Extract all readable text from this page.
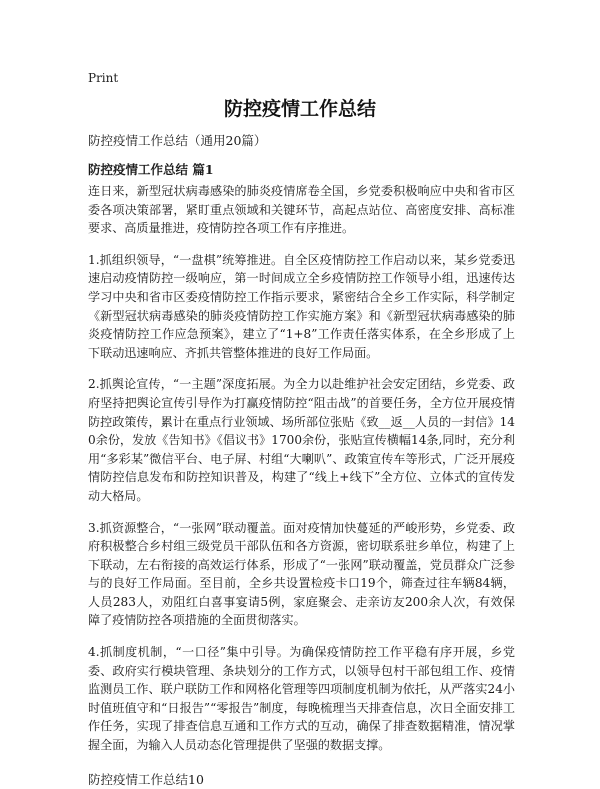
Print
防控疫情工作总结
防控疫情工作总结（通用20篇）
防控疫情工作总结 篇1

连日来，新型冠状病毒感染的肺炎疫情席卷全国，乡党委积极响应中央和省市区委各项决策部署，紧盯重点领域和关键环节，高起点站位、高密度安排、高标准要求、高质量推进，疫情防控各项工作有序推进。

1.抓组织领导，“一盘棋”统筹推进。自全区疫情防控工作启动以来，某乡党委迅速启动疫情防控一级响应，第一时间成立全乡疫情防控工作领导小组，迅速传达学习中央和省市区委疫情防控工作指示要求，紧密结合全乡工作实际，科学制定《新型冠状病毒感染的肺炎疫情防控工作实施方案》和《新型冠状病毒感染的肺炎疫情防控工作应急预案》，建立了“1+8”工作责任落实体系，在全乡形成了上下联动迅速响应、齐抓共管整体推进的良好工作局面。

2.抓舆论宣传，“一主题”深度拓展。为全力以赴维护社会安定团结，乡党委、政府坚持把舆论宣传引导作为打赢疫情防控“阻击战”的首要任务，全方位开展疫情防控政策传，累计在重点行业领域、场所部位张贴《致__返__人员的一封信》140余份，发放《告知书》《倡议书》1700余份，张贴宣传横幅14条,同时，充分利用“多彩某”微信平台、电子屏、村组“大喇叭”、政策宣传车等形式，广泛开展疫情防控信息发布和防控知识普及，构建了“线上+线下”全方位、立体式的宣传发动大格局。

3.抓资源整合，“一张网”联动覆盖。面对疫情加快蔓延的严峻形势，乡党委、政府积极整合乡村组三级党员干部队伍和各方资源，密切联系驻乡单位，构建了上下联动，左右衔接的高效运行体系，形成了“一张网”联动覆盖，党员群众广泛参与的良好工作局面。至目前，全乡共设置检疫卡口19个，筛查过往车辆84辆，人员283人，劝阻红白喜事宴请5例，家庭聚会、走亲访友200余人次，有效保障了疫情防控各项措施的全面贯彻落实。

4.抓制度机制，“一口径”集中引导。为确保疫情防控工作平稳有序开展，乡党委、政府实行模块管理、条块划分的工作方式，以领导包村干部包组工作、疫情监测员工作、联户联防工作和网格化管理等四项制度机制为依托，从严落实24小时值班值守和“日报告”“零报告”制度，每晚梳理当天排查信息，次日全面安排工作任务，实现了排查信息互通和工作方式的互动，确保了排查数据精准，情况掌握全面，为输入人员动态化管理提供了坚强的数据支撑。

防控疫情工作总结10
